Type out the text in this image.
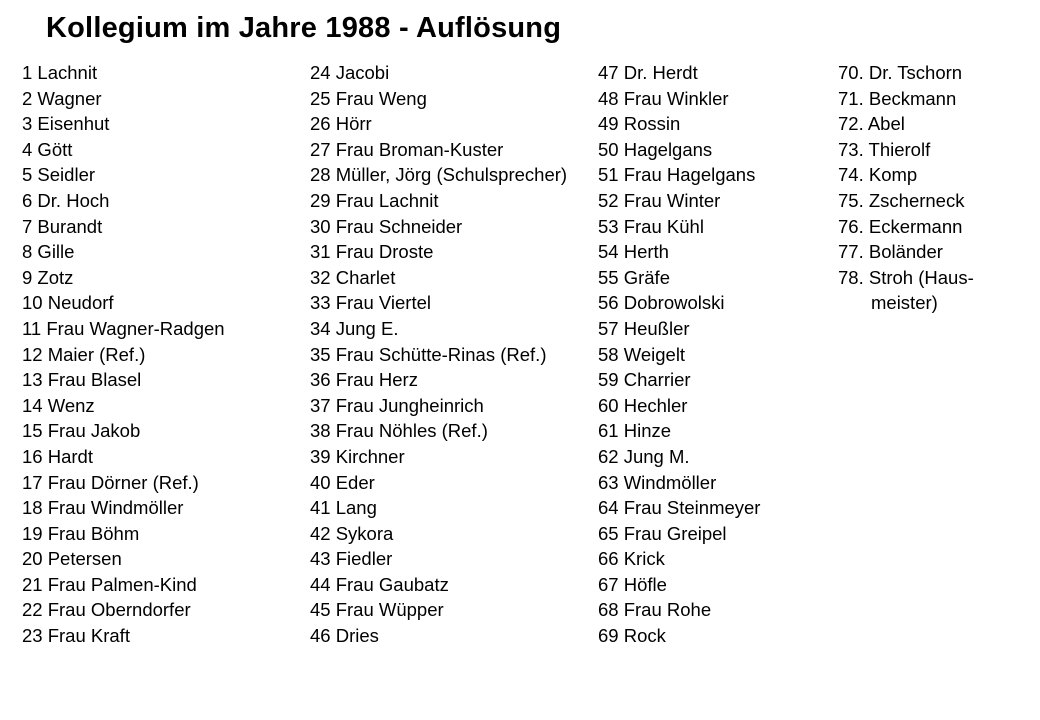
Kollegium im Jahre 1988 - Auflösung
1 Lachnit
2 Wagner
3 Eisenhut
4 Gött
5 Seidler
6 Dr. Hoch
7 Burandt
8 Gille
9 Zotz
10 Neudorf
11 Frau Wagner-Radgen
12 Maier (Ref.)
13 Frau Blasel
14 Wenz
15 Frau Jakob
16 Hardt
17 Frau Dörner (Ref.)
18 Frau Windmöller
19 Frau Böhm
20 Petersen
21 Frau Palmen-Kind
22 Frau Oberndorfer
23 Frau Kraft
24 Jacobi
25 Frau Weng
26 Hörr
27 Frau Broman-Kuster
28 Müller, Jörg (Schulsprecher)
29 Frau Lachnit
30 Frau Schneider
31 Frau Droste
32 Charlet
33 Frau Viertel
34 Jung E.
35 Frau Schütte-Rinas (Ref.)
36 Frau Herz
37 Frau Jungheinrich
38 Frau Nöhles (Ref.)
39 Kirchner
40 Eder
41 Lang
42 Sykora
43 Fiedler
44 Frau Gaubatz
45 Frau Wüpper
46 Dries
47 Dr. Herdt
48 Frau Winkler
49 Rossin
50 Hagelgans
51 Frau Hagelgans
52 Frau Winter
53 Frau Kühl
54 Herth
55 Gräfe
56 Dobrowolski
57 Heußler
58 Weigelt
59 Charrier
60 Hechler
61 Hinze
62 Jung M.
63 Windmöller
64 Frau Steinmeyer
65 Frau Greipel
66 Krick
67 Höfle
68 Frau Rohe
69 Rock
70. Dr. Tschorn
71. Beckmann
72. Abel
73. Thierolf
74. Komp
75. Zscherneck
76. Eckermann
77. Boländer
78. Stroh (Haus-meister)
